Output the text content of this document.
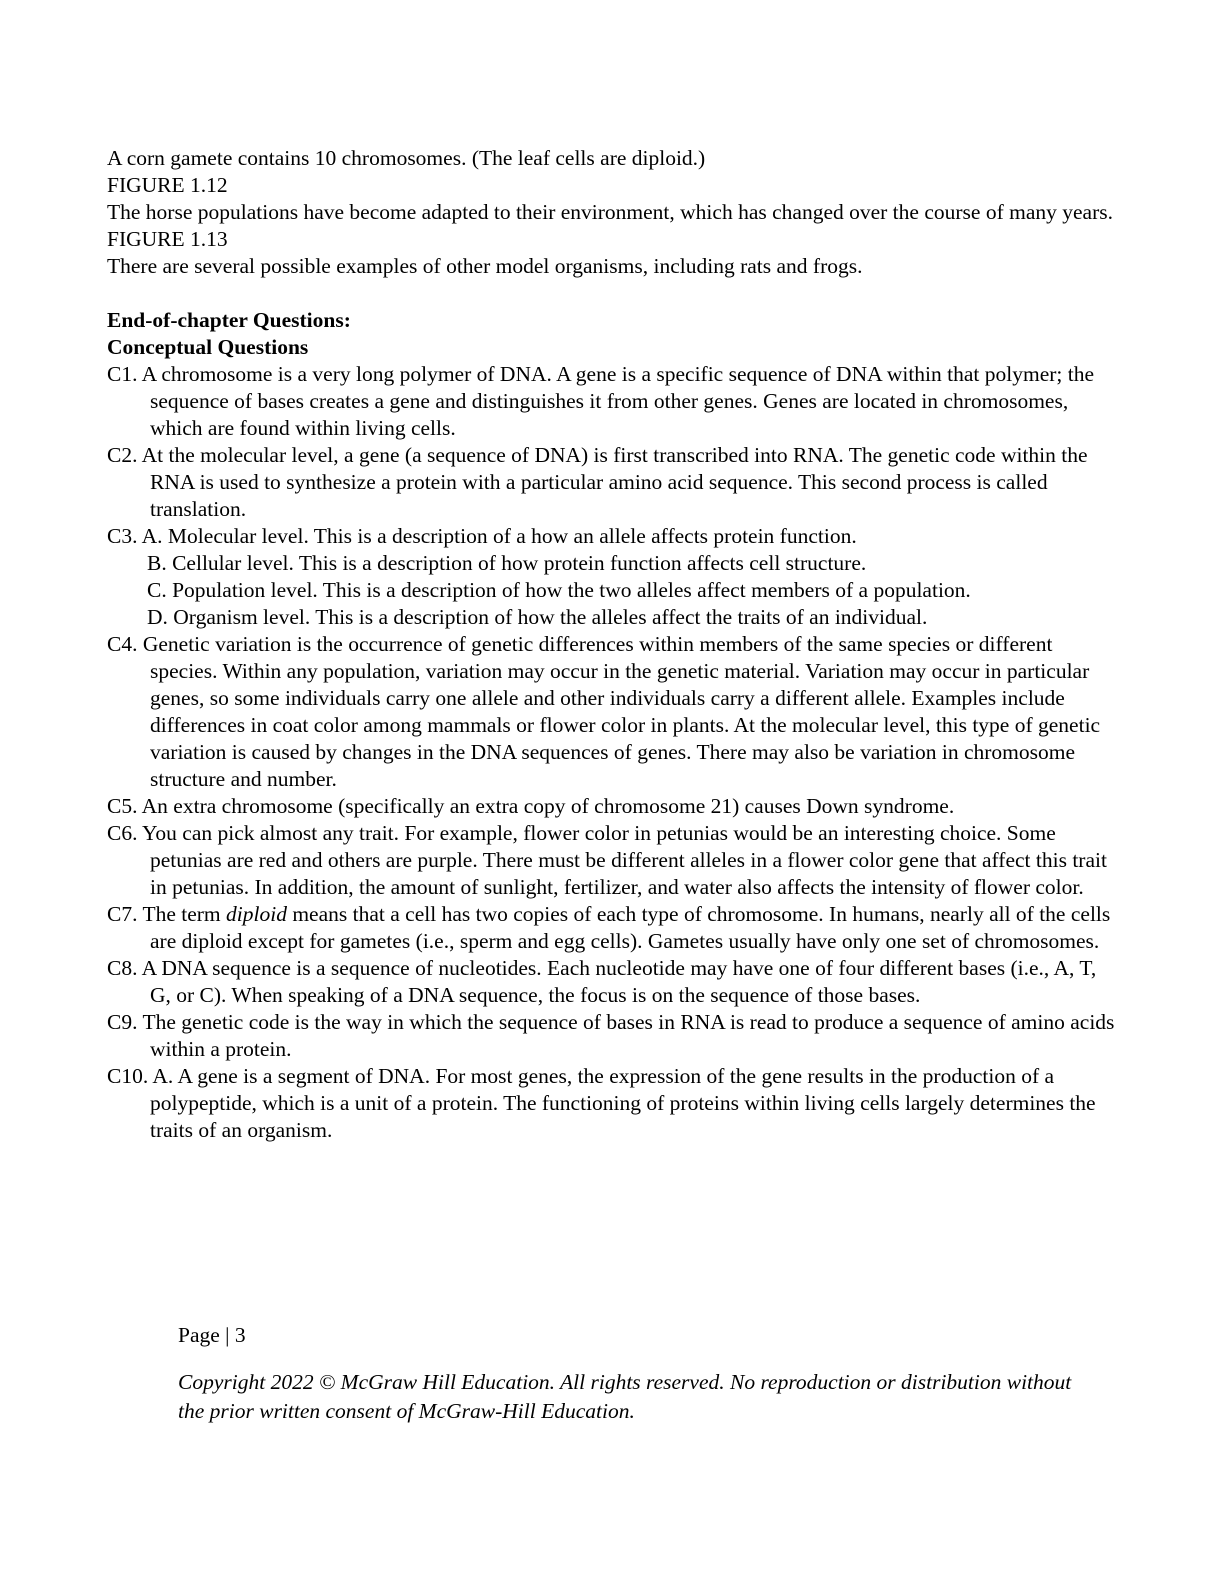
A corn gamete contains 10 chromosomes. (The leaf cells are diploid.)

FIGURE 1.12

The horse populations have become adapted to their environment, which has changed over the course of many years.

FIGURE 1.13

There are several possible examples of other model organisms, including rats and frogs.

End-of-chapter Questions:

Conceptual Questions

C1. A chromosome is a very long polymer of DNA. A gene is a specific sequence of DNA within that polymer; the sequence of bases creates a gene and distinguishes it from other genes. Genes are located in chromosomes, which are found within living cells.

C2. At the molecular level, a gene (a sequence of DNA) is first transcribed into RNA. The genetic code within the RNA is used to synthesize a protein with a particular amino acid sequence. This second process is called translation.

C3. A. Molecular level. This is a description of a how an allele affects protein function.

B. Cellular level. This is a description of how protein function affects cell structure.

C. Population level. This is a description of how the two alleles affect members of a population.

D. Organism level. This is a description of how the alleles affect the traits of an individual.

C4. Genetic variation is the occurrence of genetic differences within members of the same species or different species. Within any population, variation may occur in the genetic material. Variation may occur in particular genes, so some individuals carry one allele and other individuals carry a different allele. Examples include differences in coat color among mammals or flower color in plants. At the molecular level, this type of genetic variation is caused by changes in the DNA sequences of genes. There may also be variation in chromosome structure and number.

C5. An extra chromosome (specifically an extra copy of chromosome 21) causes Down syndrome.

C6. You can pick almost any trait. For example, flower color in petunias would be an interesting choice. Some petunias are red and others are purple. There must be different alleles in a flower color gene that affect this trait in petunias. In addition, the amount of sunlight, fertilizer, and water also affects the intensity of flower color.

C7. The term diploid means that a cell has two copies of each type of chromosome. In humans, nearly all of the cells are diploid except for gametes (i.e., sperm and egg cells). Gametes usually have only one set of chromosomes.

C8. A DNA sequence is a sequence of nucleotides. Each nucleotide may have one of four different bases (i.e., A, T, G, or C). When speaking of a DNA sequence, the focus is on the sequence of those bases.

C9. The genetic code is the way in which the sequence of bases in RNA is read to produce a sequence of amino acids within a protein.

C10. A. A gene is a segment of DNA. For most genes, the expression of the gene results in the production of a polypeptide, which is a unit of a protein. The functioning of proteins within living cells largely determines the traits of an organism.

Page | 3

Copyright 2022 © McGraw Hill Education. All rights reserved. No reproduction or distribution without the prior written consent of McGraw-Hill Education.
